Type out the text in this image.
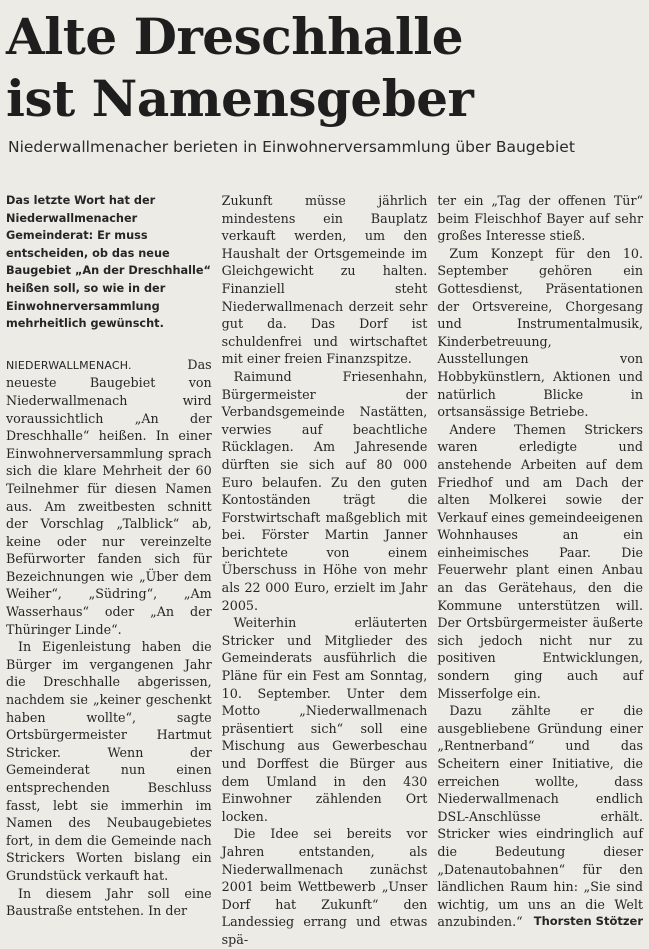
Alte Dreschhalle
ist Namensgeber
Niederwallmenacher berieten in Einwohnerversammlung über Baugebiet

Das letzte Wort hat der Niederwallmenacher Gemeinderat: Er muss entscheiden, ob das neue Baugebiet „An der Dreschhalle“ heißen soll, so wie in der Einwohnerversammlung mehrheitlich gewünscht.

NIEDERWALLMENACH.	Das neueste Baugebiet von Niederwallmenach wird voraussichtlich „An der Dreschhalle“ heißen. In einer Einwohnerversammlung sprach sich die klare Mehrheit der 60 Teilnehmer für diesen Namen aus. Am zweitbesten schnitt der Vorschlag „Talblick“ ab, keine oder nur vereinzelte Befürworter fanden sich für Bezeichnungen wie „Über dem Weiher“, „Südring“, „Am Wasserhaus“ oder „An der Thüringer Linde“.

In Eigenleistung haben die Bürger im vergangenen Jahr die Dreschhalle abgerissen, nachdem sie „keiner geschenkt haben wollte“, sagte Ortsbürgermeister Hartmut Stricker. Wenn der Gemeinderat nun einen entsprechenden Beschluss fasst, lebt sie immerhin im Namen des Neubaugebietes fort, in dem die Gemeinde nach Strickers Worten bislang ein Grundstück verkauft hat.

In diesem Jahr soll eine Baustraße entstehen. In der

Zukunft müsse jährlich mindestens ein Bauplatz verkauft werden, um den Haushalt der Ortsgemeinde im Gleichgewicht zu halten. Finanziell steht Niederwallmenach derzeit sehr gut da. Das Dorf ist schuldenfrei und wirtschaftet mit einer freien Finanzspitze.

Raimund Friesenhahn, Bürgermeister der Verbandsgemeinde Nastätten, verwies auf beachtliche Rücklagen. Am Jahresende dürften sie sich auf 80 000 Euro belaufen. Zu den guten Kontoständen trägt die Forstwirtschaft maßgeblich mit bei. Förster Martin Janner berichtete von einem Überschuss in Höhe von mehr als 22 000 Euro, erzielt im Jahr 2005.

Weiterhin erläuterten Stricker und Mitglieder des Gemeinderats ausführlich die Pläne für ein Fest am Sonntag, 10. September. Unter dem Motto „Niederwallmenach präsentiert sich“ soll eine Mischung aus Gewerbeschau und Dorffest die Bürger aus dem Umland in den 430 Einwohner zählenden Ort locken.

Die Idee sei bereits vor Jahren entstanden, als Niederwallmenach zunächst 2001 beim Wettbewerb „Unser Dorf hat Zukunft“ den Landessieg errang und etwas spä-

ter ein „Tag der offenen Tür“ beim Fleischhof Bayer auf sehr großes Interesse stieß.

Zum Konzept für den 10. September gehören ein Gottesdienst, Präsentationen der Ortsvereine, Chorgesang und Instrumentalmusik, Kinderbetreuung, Ausstellungen von Hobbykünstlern, Aktionen und natürlich Blicke in ortsansässige Betriebe.

Andere Themen Strickers waren erledigte und anstehende Arbeiten auf dem Friedhof und am Dach der alten Molkerei sowie der Verkauf eines gemeindeeigenen Wohnhauses an ein einheimisches Paar. Die Feuerwehr plant einen Anbau an das Gerätehaus, den die Kommune unterstützen will. Der Ortsbürgermeister äußerte sich jedoch nicht nur zu positiven Entwicklungen, sondern ging auch auf Misserfolge ein.

Dazu zählte er die ausgebliebene Gründung einer „Rentnerband“ und das Scheitern einer Initiative, die erreichen wollte, dass Niederwallmenach endlich DSL-Anschlüsse erhält. Stricker wies eindringlich auf die Bedeutung dieser „Datenautobahnen“ für den ländlichen Raum hin: „Sie sind wichtig, um uns an die Welt anzubinden.“ Thorsten Stötzer
